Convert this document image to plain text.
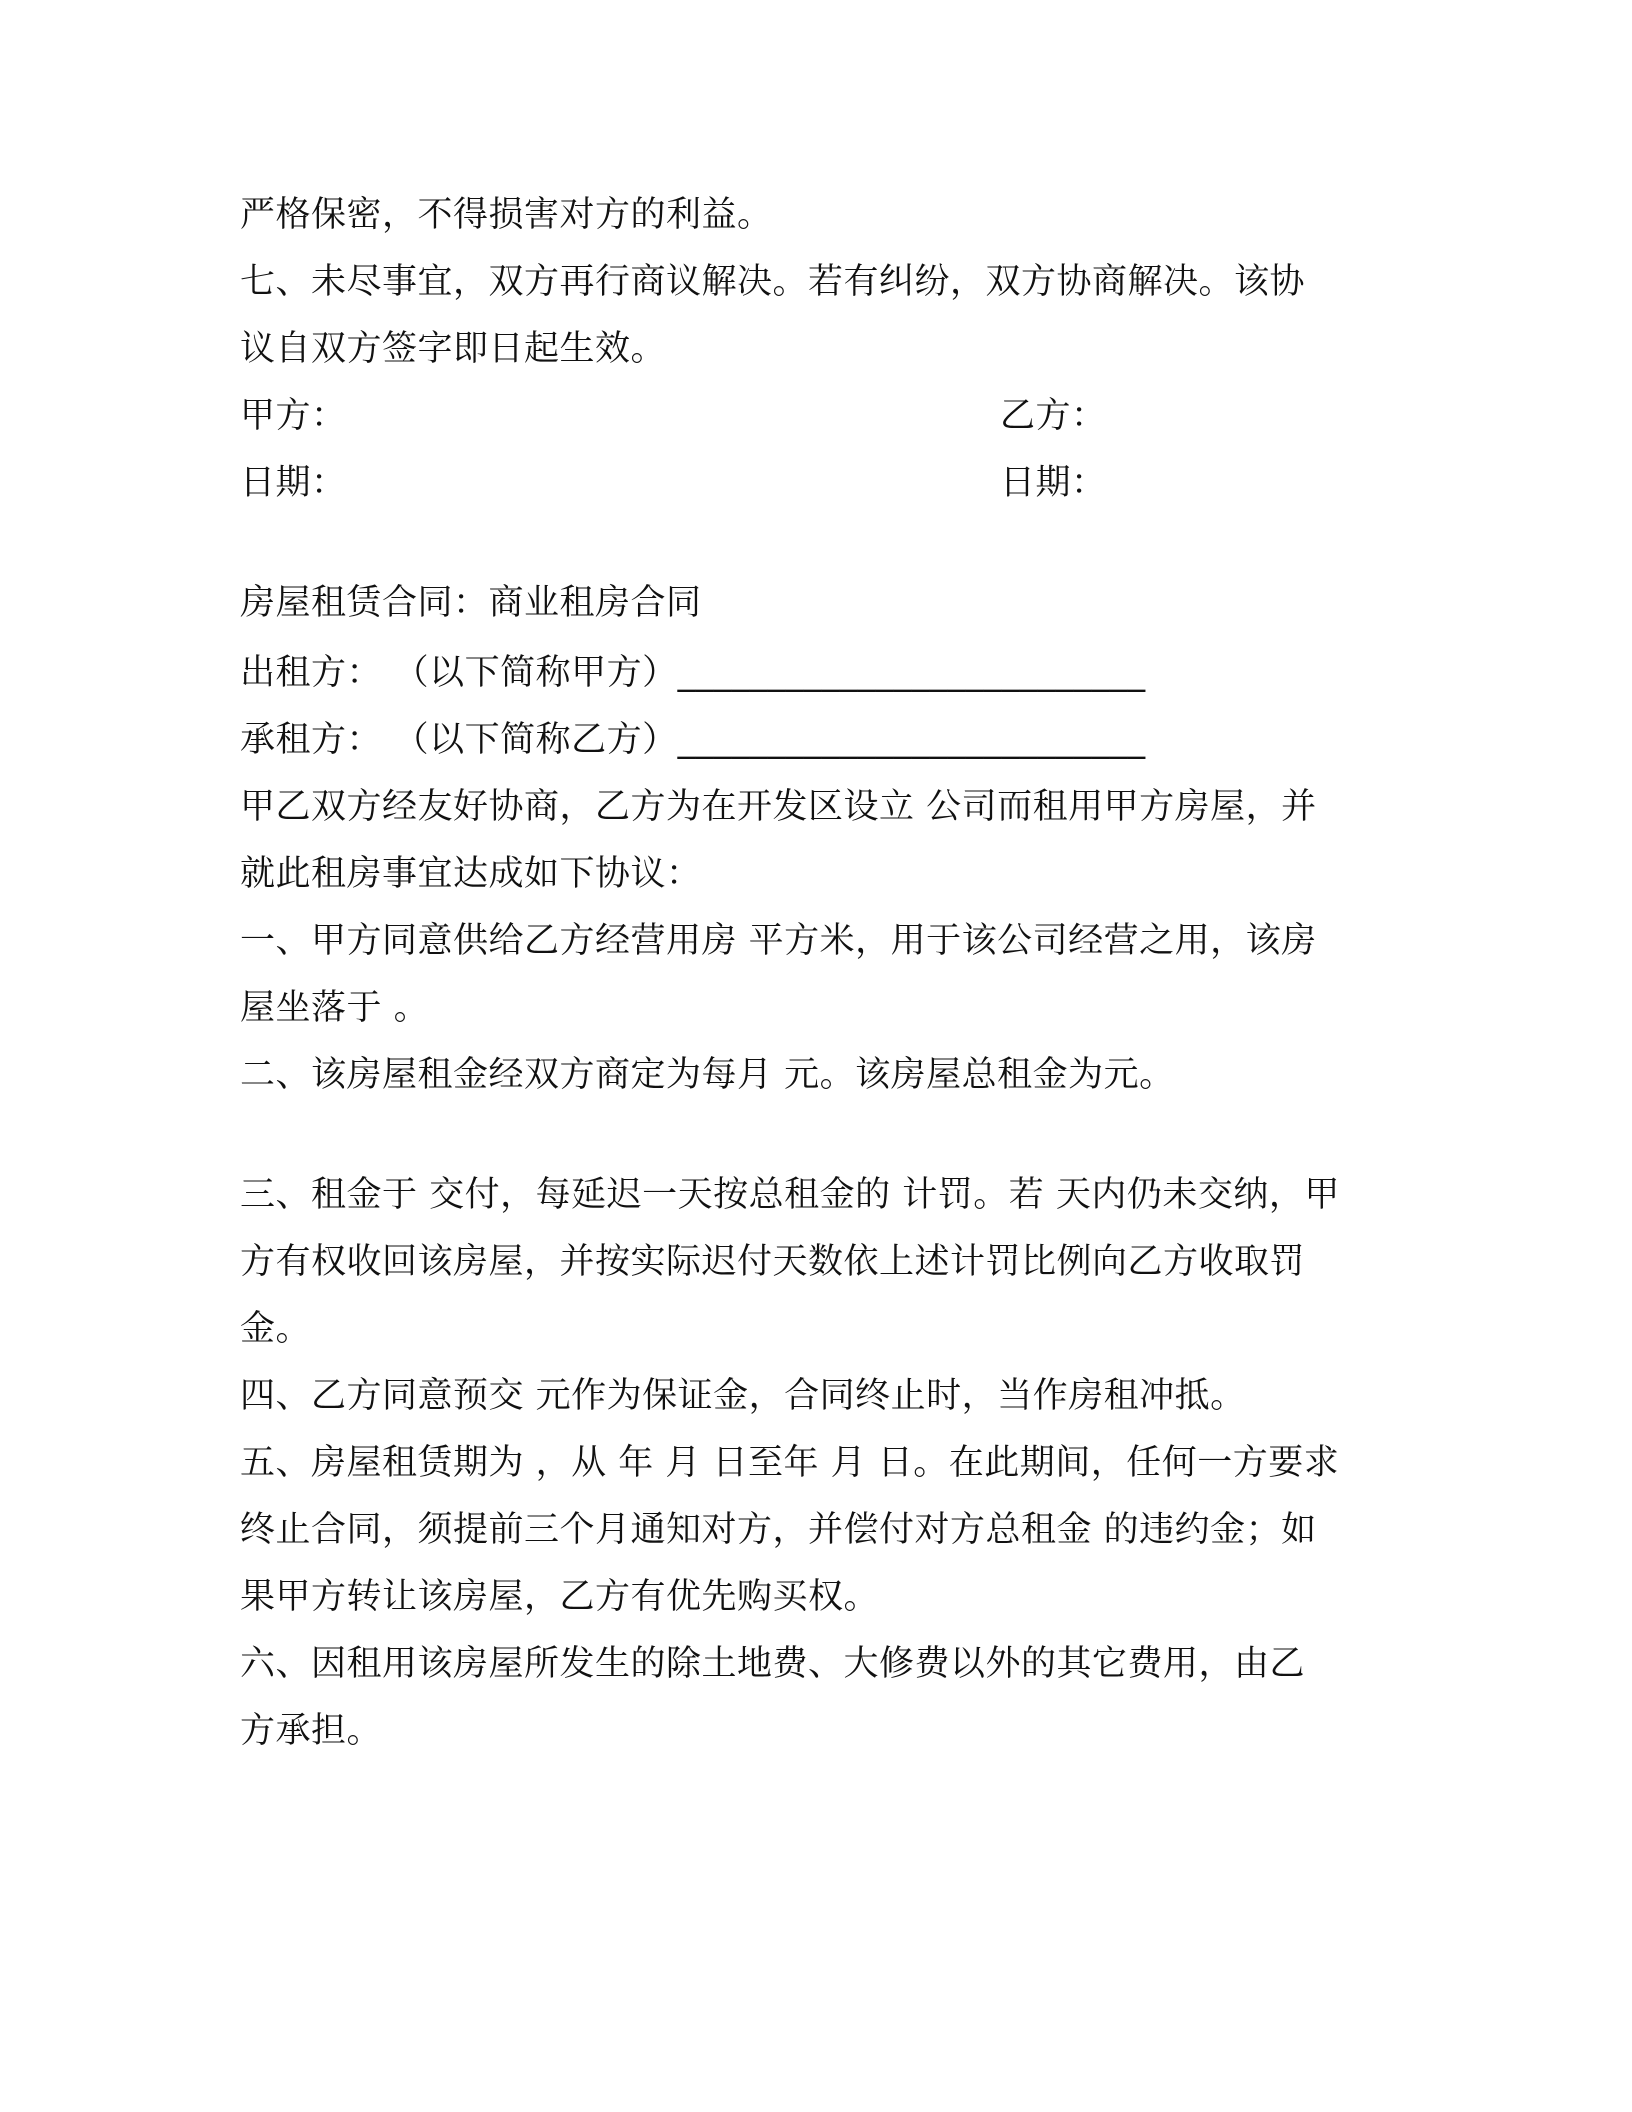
严格保密，不得损害对方的利益。
七、未尽事宜，双方再行商议解决。若有纠纷，双方协商解决。该协
议自双方签字即日起生效。
甲方：	乙方：
日期：	日期：
房屋租赁合同：商业租房合同
出租方： （以下简称甲方）__________________________
承租方： （以下简称乙方）__________________________
甲乙双方经友好协商，乙方为在开发区设立 公司而租用甲方房屋，并
就此租房事宜达成如下协议：
一、甲方同意供给乙方经营用房 平方米，用于该公司经营之用，该房
屋坐落于 。
二、该房屋租金经双方商定为每月 元。该房屋总租金为元。
三、租金于 交付，每延迟一天按总租金的 计罚。若 天内仍未交纳，甲
方有权收回该房屋，并按实际迟付天数依上述计罚比例向乙方收取罚
金。
四、乙方同意预交 元作为保证金，合同终止时，当作房租冲抵。
五、房屋租赁期为 ，从 年 月 日至年 月 日。在此期间，任何一方要求
终止合同，须提前三个月通知对方，并偿付对方总租金 的违约金；如
果甲方转让该房屋，乙方有优先购买权。
六、因租用该房屋所发生的除土地费、大修费以外的其它费用，由乙
方承担。
